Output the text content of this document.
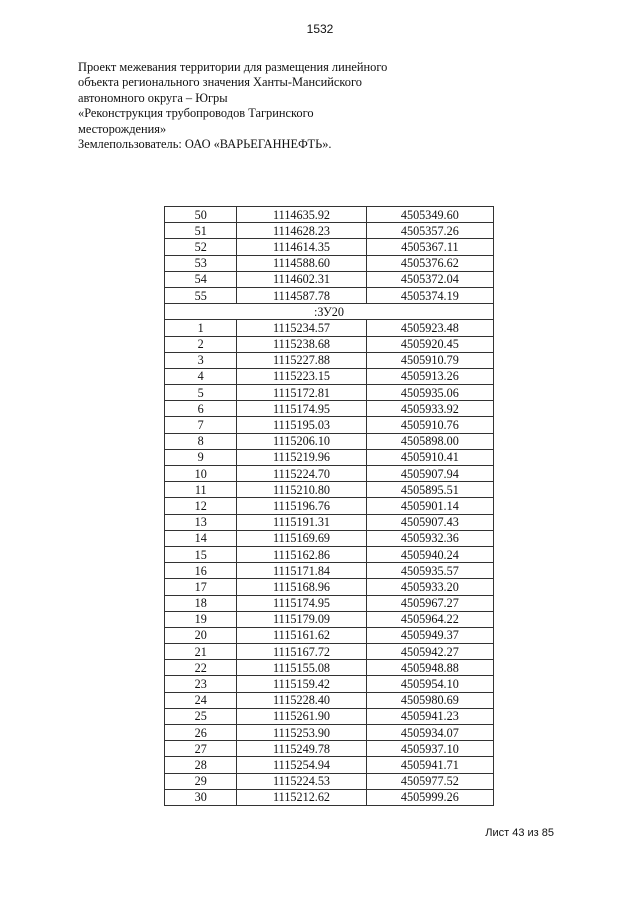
1532
Проект межевания территории для размещения линейного
объекта регионального значения Ханты-Мансийского
автономного округа – Югры
«Реконструкция трубопроводов Тагринского
месторождения»
Землепользователь: ОАО «ВАРЬЕГАННЕФТЬ».
50	1114635.92	4505349.60
51	1114628.23	4505357.26
52	1114614.35	4505367.11
53	1114588.60	4505376.62
54	1114602.31	4505372.04
55	1114587.78	4505374.19
:ЗУ20		
1	1115234.57	4505923.48
2	1115238.68	4505920.45
3	1115227.88	4505910.79
4	1115223.15	4505913.26
5	1115172.81	4505935.06
6	1115174.95	4505933.92
7	1115195.03	4505910.76
8	1115206.10	4505898.00
9	1115219.96	4505910.41
10	1115224.70	4505907.94
11	1115210.80	4505895.51
12	1115196.76	4505901.14
13	1115191.31	4505907.43
14	1115169.69	4505932.36
15	1115162.86	4505940.24
16	1115171.84	4505935.57
17	1115168.96	4505933.20
18	1115174.95	4505967.27
19	1115179.09	4505964.22
20	1115161.62	4505949.37
21	1115167.72	4505942.27
22	1115155.08	4505948.88
23	1115159.42	4505954.10
24	1115228.40	4505980.69
25	1115261.90	4505941.23
26	1115253.90	4505934.07
27	1115249.78	4505937.10
28	1115254.94	4505941.71
29	1115224.53	4505977.52
30	1115212.62	4505999.26
Лист 43 из 85
